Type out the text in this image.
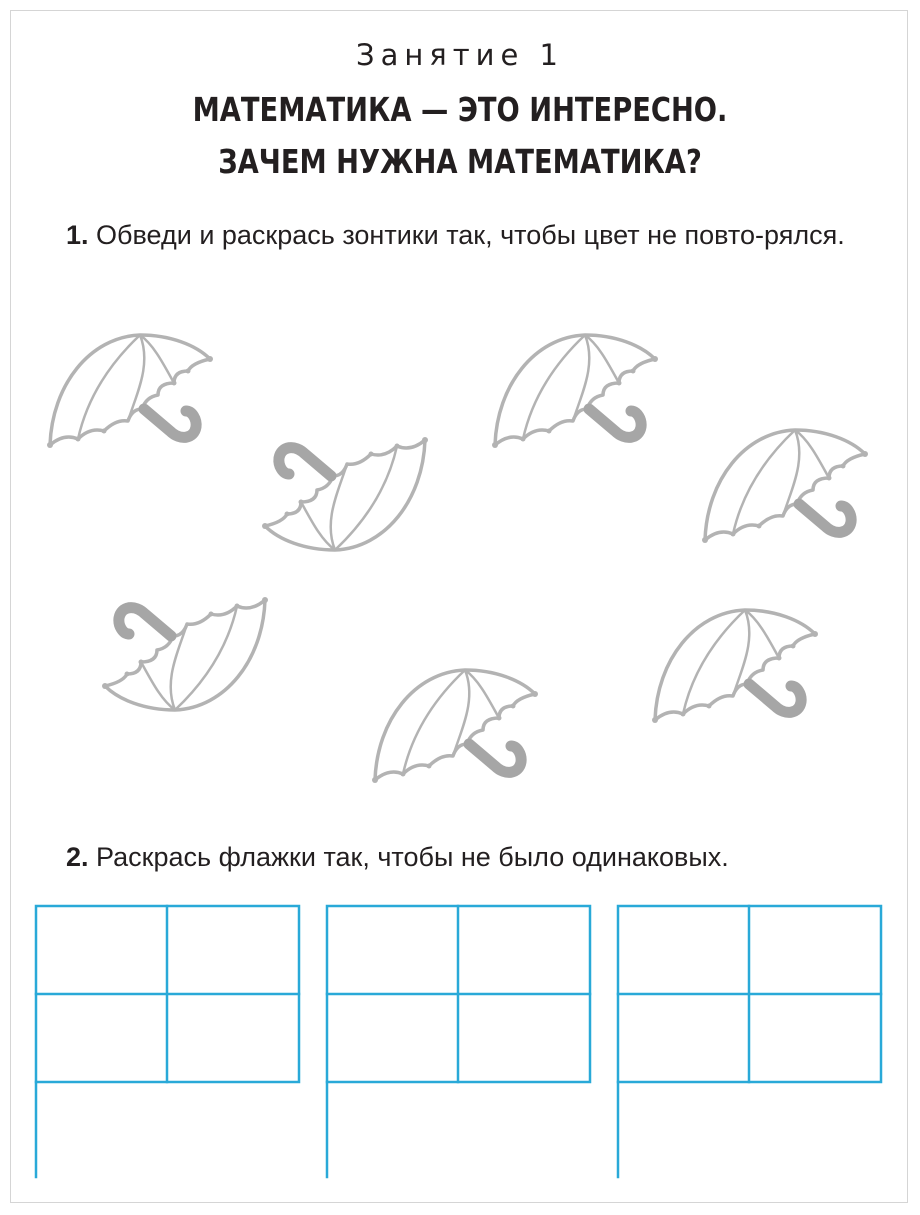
Занятие 1
МАТЕМАТИКА — ЭТО ИНТЕРЕСНО.
ЗАЧЕМ НУЖНА МАТЕМАТИКА?
1. Обведи и раскрась зонтики так, чтобы цвет не повто-рялся.
2. Раскрась флажки так, чтобы не было одинаковых.
